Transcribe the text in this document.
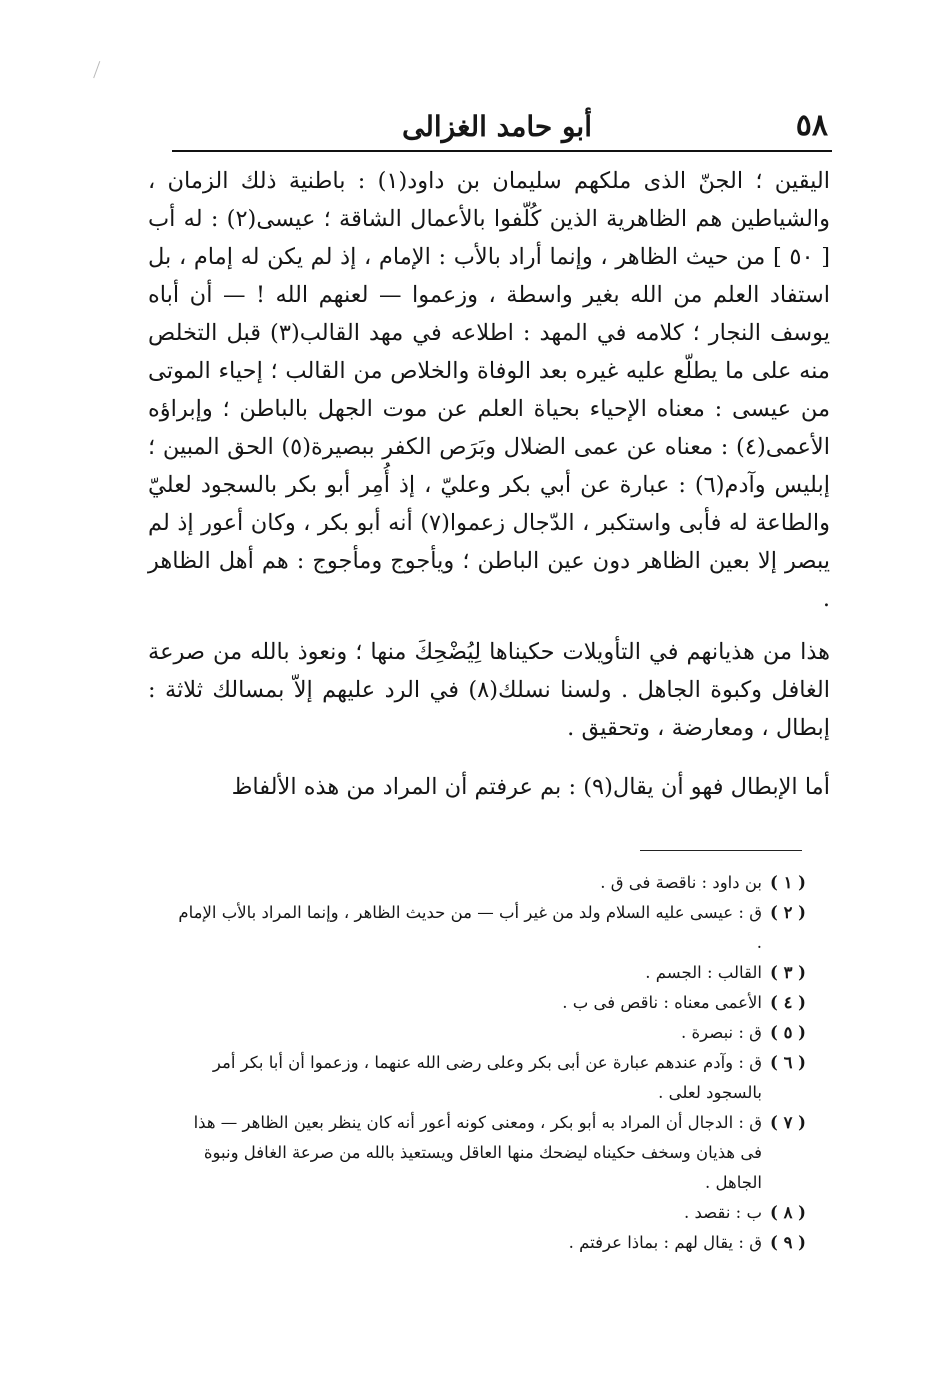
أبو حامد الغزالى	٥٨

اليقين ؛ الجنّ الذى ملكهم سليمان بن داود(١) : باطنية ذلك الزمان ، والشياطين هم الظاهرية الذين كُلّفوا بالأعمال الشاقة ؛ عيسى(٢) : له أب [ ٥٠ ] من حيث الظاهر ، وإنما أراد بالأب : الإمام ، إذ لم يكن له إمام ، بل استفاد العلم من الله بغير واسطة ، وزعموا — لعنهم الله ! — أن أباه يوسف النجار ؛ كلامه في المهد : اطلاعه في مهد القالب(٣) قبل التخلص منه على ما يطلّع عليه غيره بعد الوفاة والخلاص من القالب ؛ إحياء الموتى من عيسى : معناه الإحياء بحياة العلم عن موت الجهل بالباطن ؛ وإبراؤه الأعمى(٤) : معناه عن عمى الضلال وبَرَص الكفر ببصيرة(٥) الحق المبين ؛ إبليس وآدم(٦) : عبارة عن أبي بكر وعليّ ، إذ أُمِر أبو بكر بالسجود لعليّ والطاعة له فأبى واستكبر ، الدّجال زعموا(٧) أنه أبو بكر ، وكان أعور إذ لم يبصر إلا بعين الظاهر دون عين الباطن ؛ ويأجوج ومأجوج : هم أهل الظاهر .

هذا من هذيانهم في التأويلات حكيناها لِيُضْحِكَ منها ؛ ونعوذ بالله من صرعة الغافل وكبوة الجاهل . ولسنا نسلك(٨) في الرد عليهم إلاّ بمسالك ثلاثة : إبطال ، ومعارضة ، وتحقيق .

أما الإبطال فهو أن يقال(٩) : بم عرفتم أن المراد من هذه الألفاظ

( ١ )
بن داود : ناقصة فى ق .

( ٢ )
ق : عيسى عليه السلام ولد من غير أب — من حديث الظاهر ، وإنما المراد بالأب الإمام .

( ٣ )
القالب : الجسم .

( ٤ )
الأعمى معناه : ناقص فى ب .

( ٥ )
ق : نبصرة .

( ٦ )
ق : وآدم عندهم عبارة عن أبى بكر وعلى رضى الله عنهما ، وزعموا أن أبا بكر أمر بالسجود لعلى .

( ٧ )
ق : الدجال أن المراد به أبو بكر ، ومعنى كونه أعور أنه كان ينظر بعين الظاهر — هذا فى هذيان وسخف حكيناه ليضحك منها العاقل ويستعيذ بالله من صرعة الغافل ونبوة الجاهل .

( ٨ )
ب : نقصد .

( ٩ )
ق : يقال لهم : بماذا عرفتم .
